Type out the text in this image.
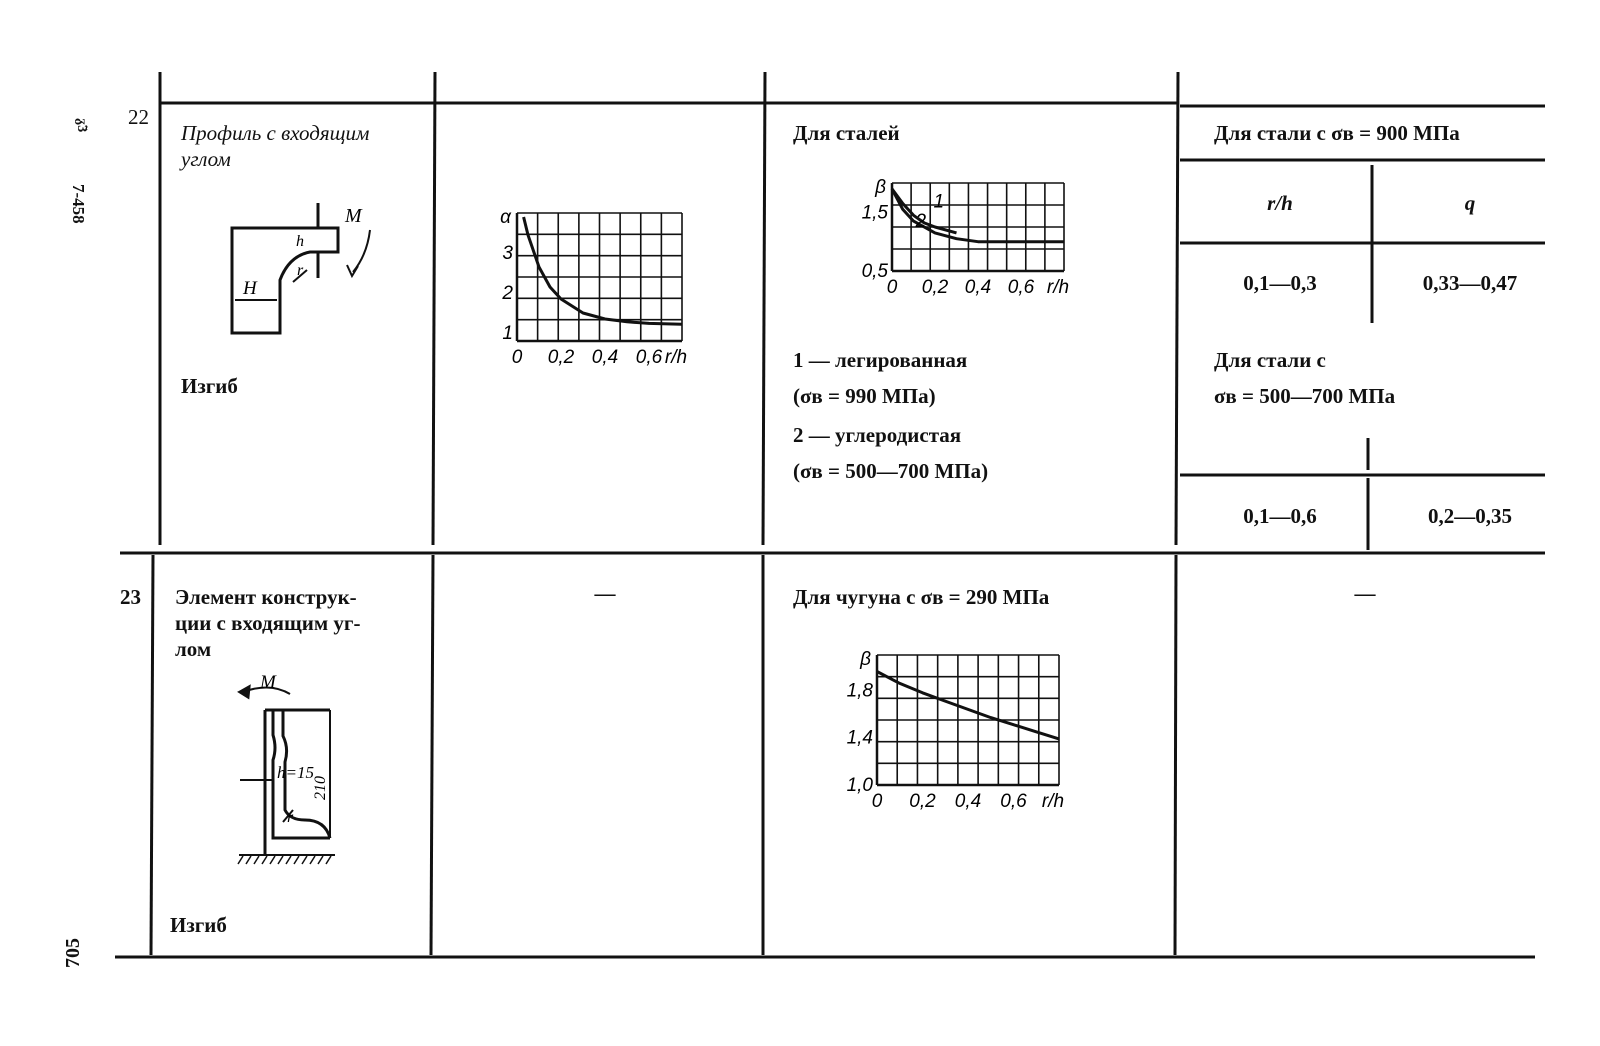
7-458
ᵹ̃3
705
22
Профиль с входящим
углом
Изгиб
M
h
r
H
1
2
3
α
0 0,2 0,4 0,6 r/h
Для сталей
1
2
0,5
1,5
β
0 0,2 0,4 0,6 r/h
1 — легированная
(σв = 990 МПа)
2 — углеродистая
(σв = 500—700 МПа)
Для стали с σв = 900 МПа
r/h	q
0,1—0,3	0,33—0,47
Для стали с
σв = 500—700 МПа
0,1—0,6	0,2—0,35
23 Элемент конструк-
ции с входящим уг-
лом
Изгиб
M
h=15
r
210
—	Для чугуна с σв = 290 МПа
1,0
1,4
1,8
β
0 0,2 0,4 0,6 r/h
—
